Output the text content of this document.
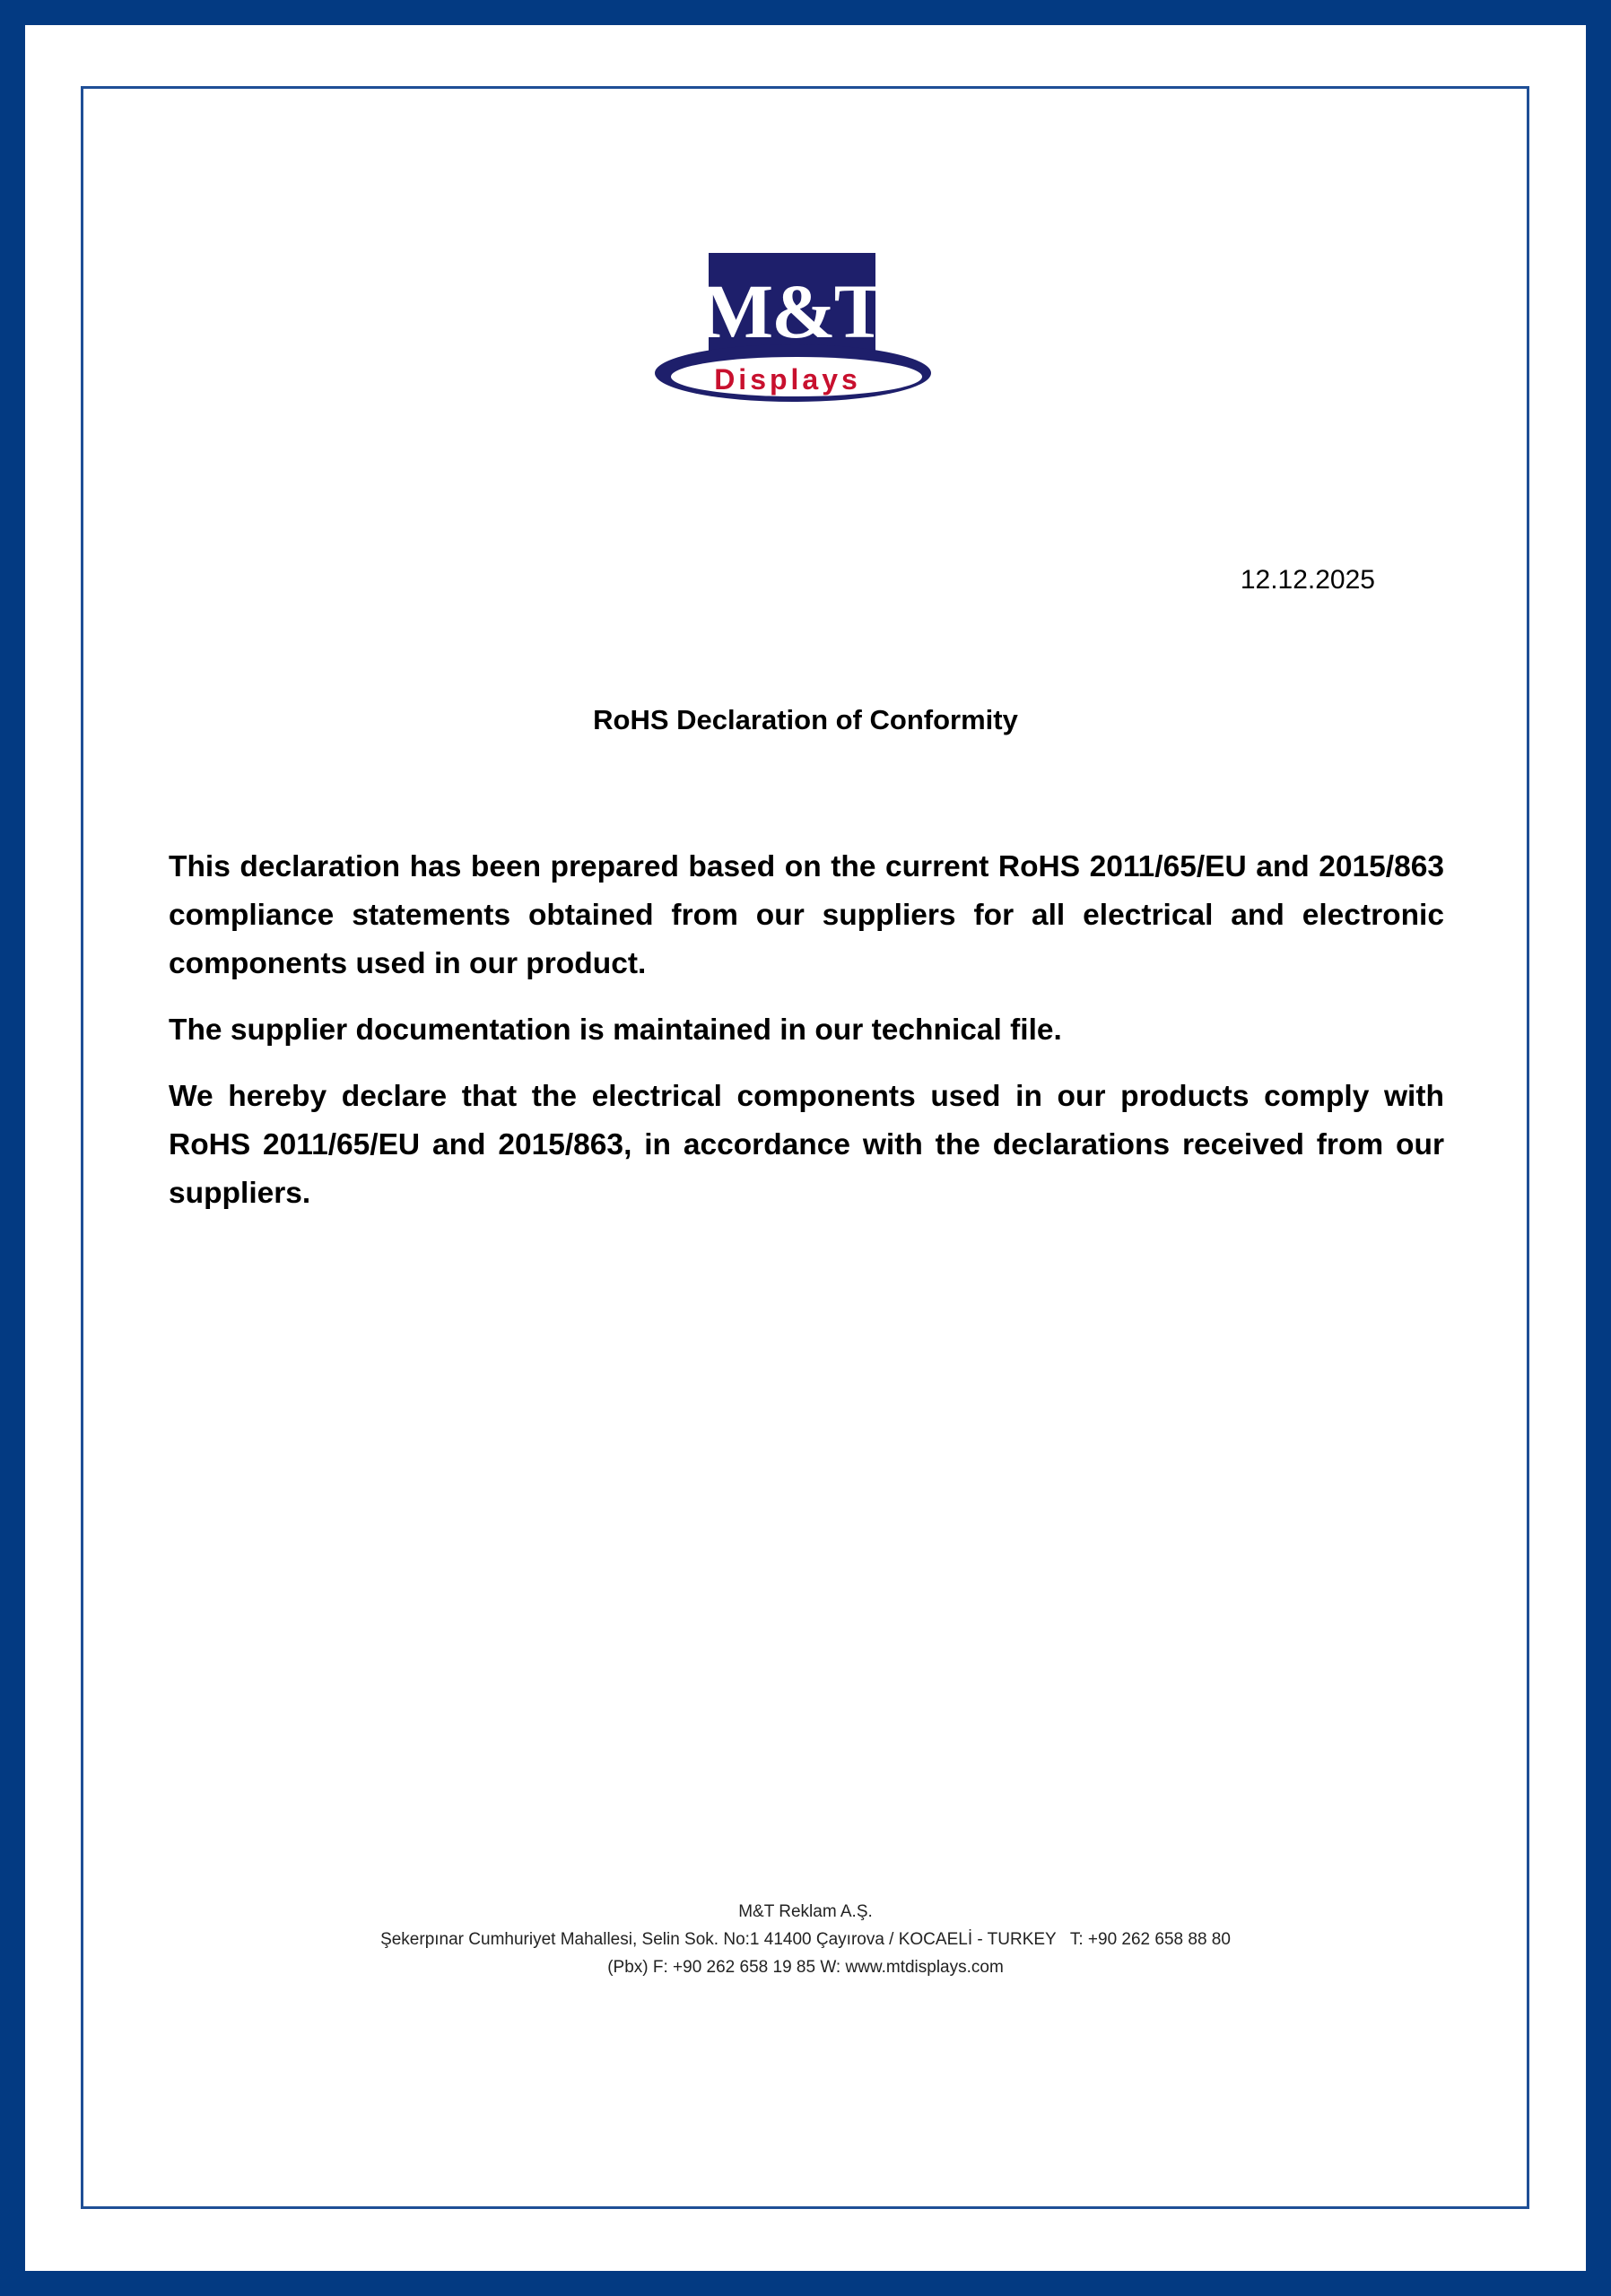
M&T
Displays
12.12.2025
RoHS Declaration of Conformity

This declaration has been prepared based on the current RoHS 2011/65/EU and 2015/863 compliance statements obtained from our suppliers for all electrical and electronic components used in our product.

The supplier documentation is maintained in our technical file.

We hereby declare that the electrical components used in our products comply with RoHS 2011/65/EU and 2015/863, in accordance with the declarations received from our suppliers.

M&T Reklam A.Ş.
Şekerpınar Cumhuriyet Mahallesi, Selin Sok. No:1 41400 Çayırova / KOCAELİ - TURKEY   T: +90 262 658 88 80
(Pbx) F: +90 262 658 19 85 W: www.mtdisplays.com
